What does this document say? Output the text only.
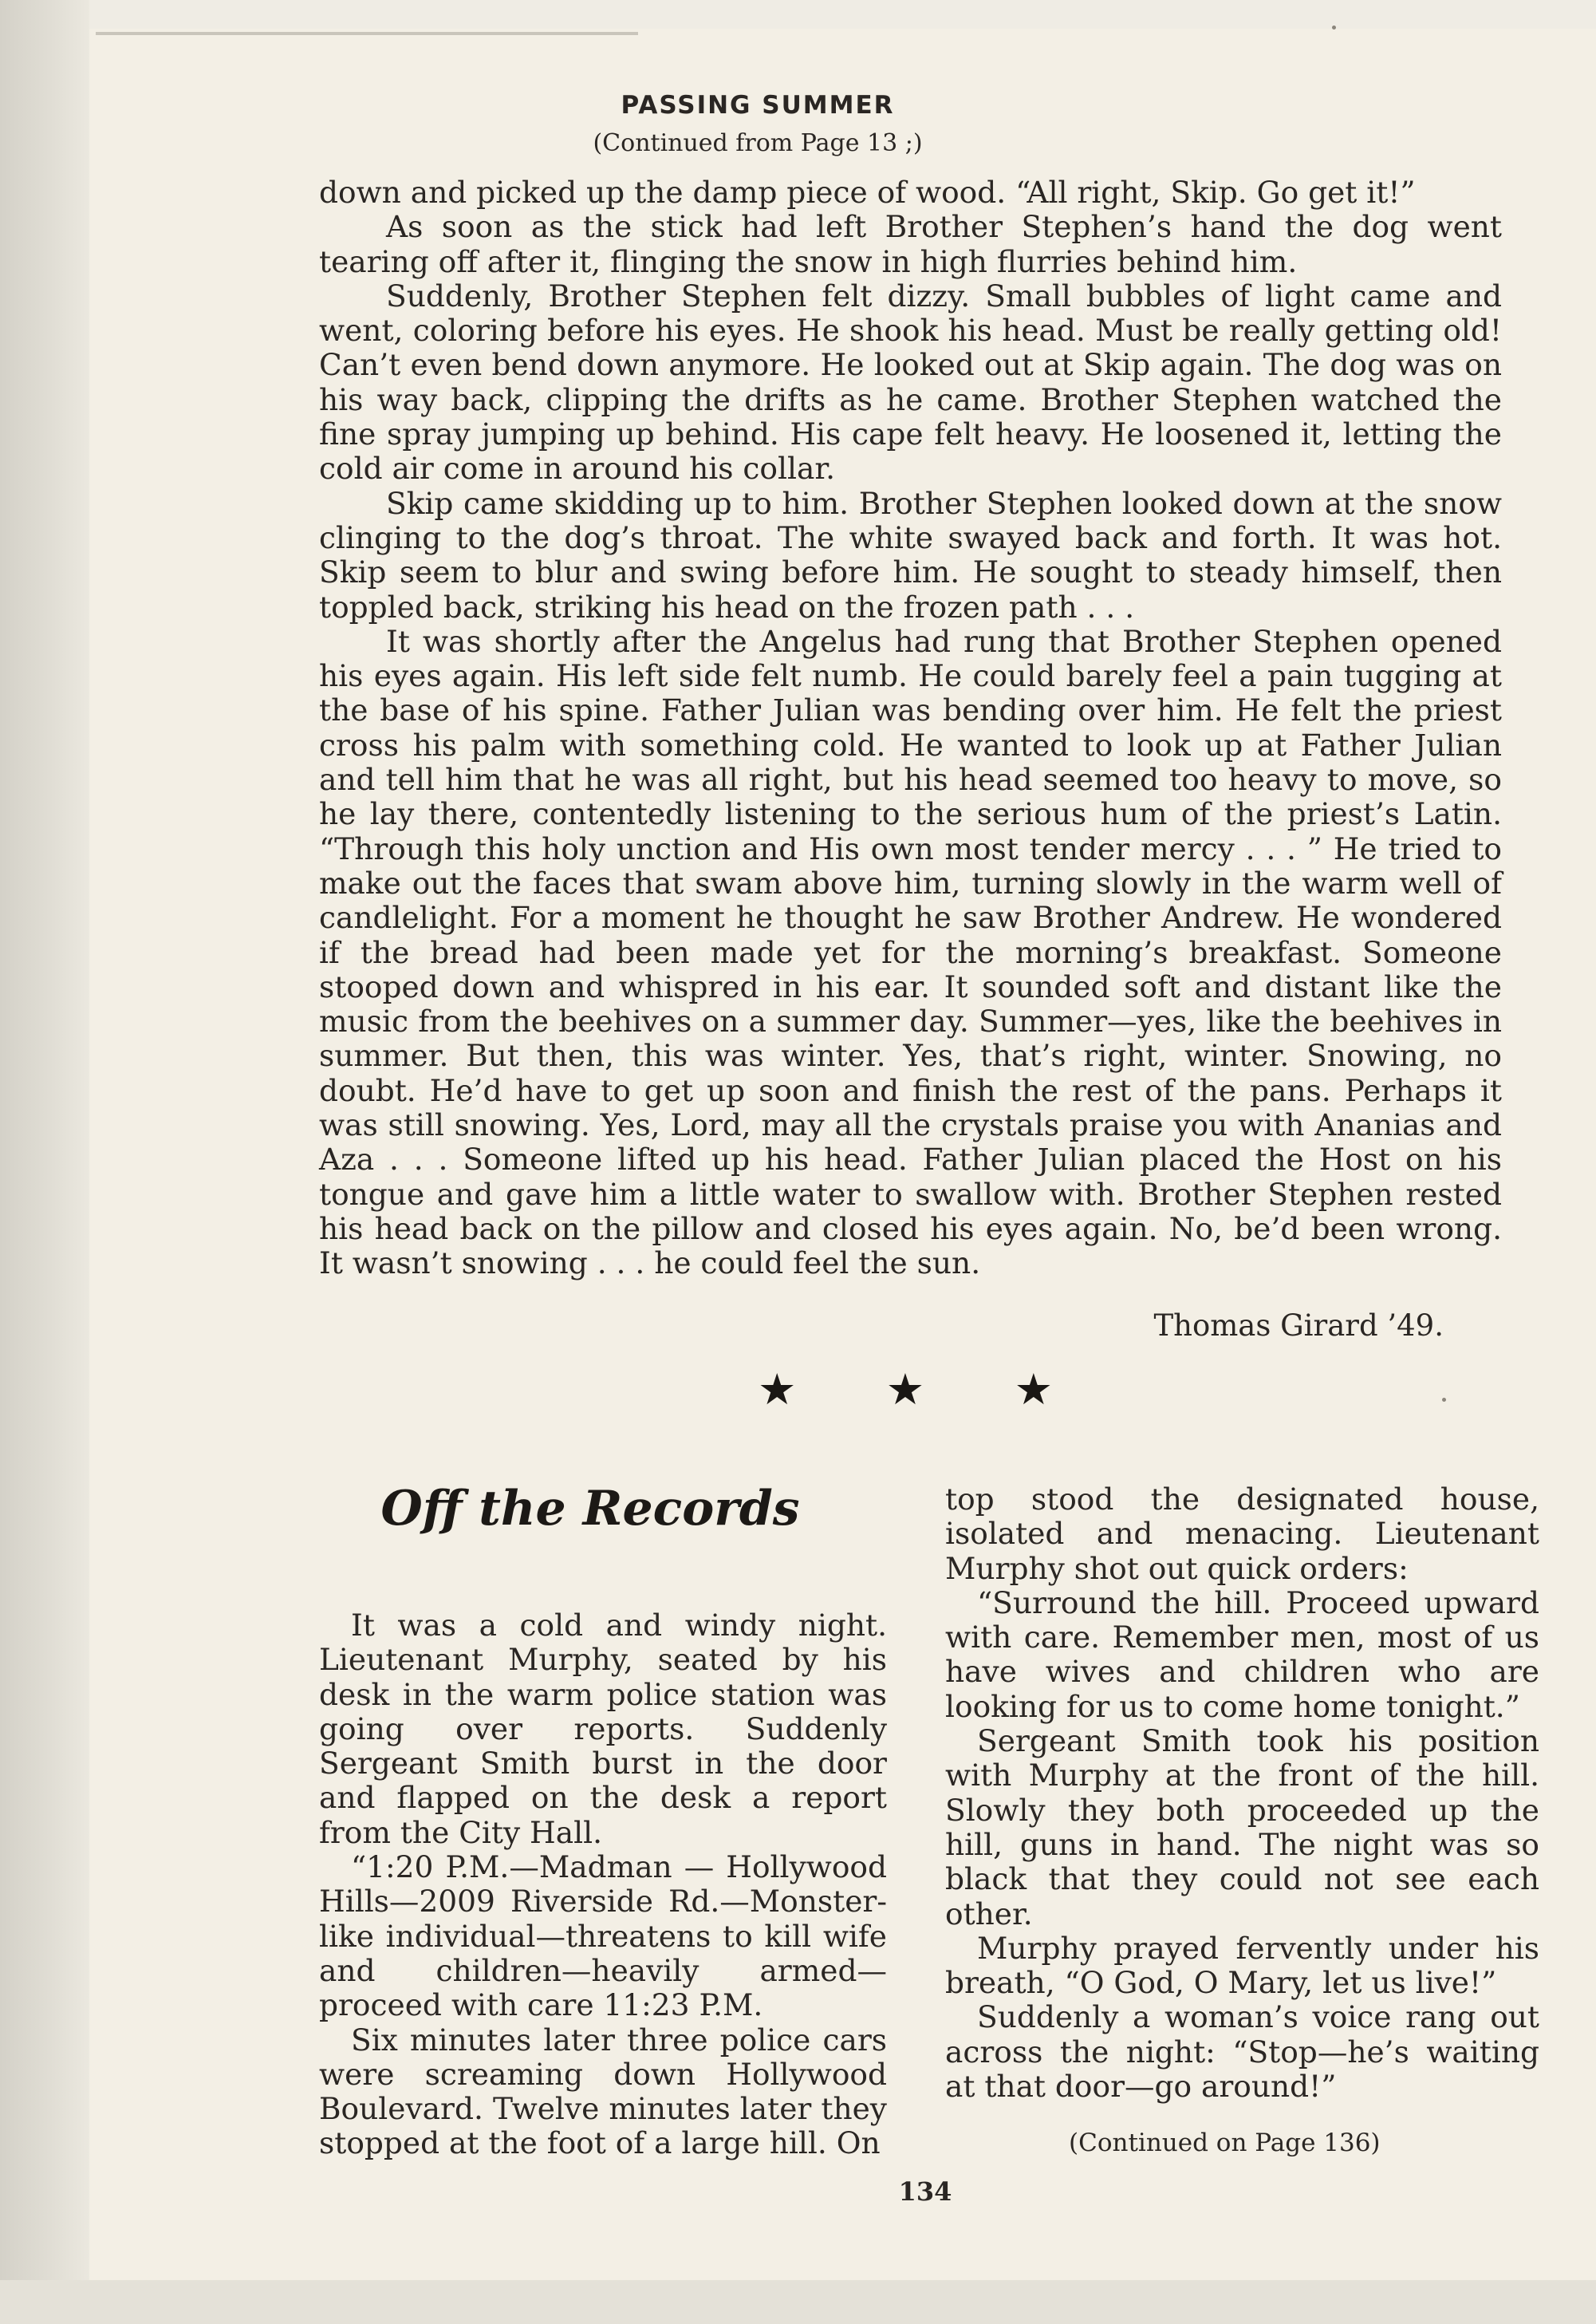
PASSING SUMMER
(Continued from Page 13 ;)

down and picked up the damp piece of wood. “All right, Skip. Go get it!”

As soon as the stick had left Brother Stephen’s hand the dog went tearing off after it, flinging the snow in high flurries behind him.

Suddenly, Brother Stephen felt dizzy. Small bubbles of light came and went, coloring before his eyes. He shook his head. Must be really getting old! Can’t even bend down anymore. He looked out at Skip again. The dog was on his way back, clipping the drifts as he came. Brother Stephen watched the fine spray jumping up behind. His cape felt heavy. He loosened it, letting the cold air come in around his collar.

Skip came skidding up to him. Brother Stephen looked down at the snow clinging to the dog’s throat. The white swayed back and forth. It was hot. Skip seem to blur and swing before him. He sought to steady himself, then toppled back, striking his head on the frozen path . . .

It was shortly after the Angelus had rung that Brother Stephen opened his eyes again. His left side felt numb. He could barely feel a pain tugging at the base of his spine. Father Julian was bending over him. He felt the priest cross his palm with something cold. He wanted to look up at Father Julian and tell him that he was all right, but his head seemed too heavy to move, so he lay there, contentedly listening to the serious hum of the priest’s Latin. “Through this holy unction and His own most tender mercy . . . ” He tried to make out the faces that swam above him, turning slowly in the warm well of candlelight. For a moment he thought he saw Brother Andrew. He wondered if the bread had been made yet for the morning’s breakfast. Someone stooped down and whispred in his ear. It sounded soft and distant like the music from the beehives on a summer day. Summer—yes, like the beehives in summer. But then, this was winter. Yes, that’s right, winter. Snowing, no doubt. He’d have to get up soon and finish the rest of the pans. Perhaps it was still snowing. Yes, Lord, may all the crystals praise you with Ananias and Aza . . . Someone lifted up his head. Father Julian placed the Host on his tongue and gave him a little water to swallow with. Brother Stephen rested his head back on the pillow and closed his eyes again. No, be’d been wrong. It wasn’t snowing . . . he could feel the sun.

Thomas Girard ’49.
★ ★ ★
Off the Records

It was a cold and windy night. Lieutenant Murphy, seated by his desk in the warm police station was going over reports. Suddenly Sergeant Smith burst in the door and flapped on the desk a report from the City Hall.

“1:20 P.M.—Madman — Hollywood Hills—2009 Riverside Rd.—Monster-like individual—threatens to kill wife and children—heavily armed—proceed with care 11:23 P.M.

Six minutes later three police cars were screaming down Hollywood Boulevard. Twelve minutes later they stopped at the foot of a large hill. On

top stood the designated house, isolated and menacing. Lieutenant Murphy shot out quick orders:

“Surround the hill. Proceed upward with care. Remember men, most of us have wives and children who are looking for us to come home tonight.”

Sergeant Smith took his position with Murphy at the front of the hill. Slowly they both proceeded up the hill, guns in hand. The night was so black that they could not see each other.

Murphy prayed fervently under his breath, “O God, O Mary, let us live!”

Suddenly a woman’s voice rang out across the night: “Stop—he’s waiting at that door—go around!”

(Continued on Page 136)
134
